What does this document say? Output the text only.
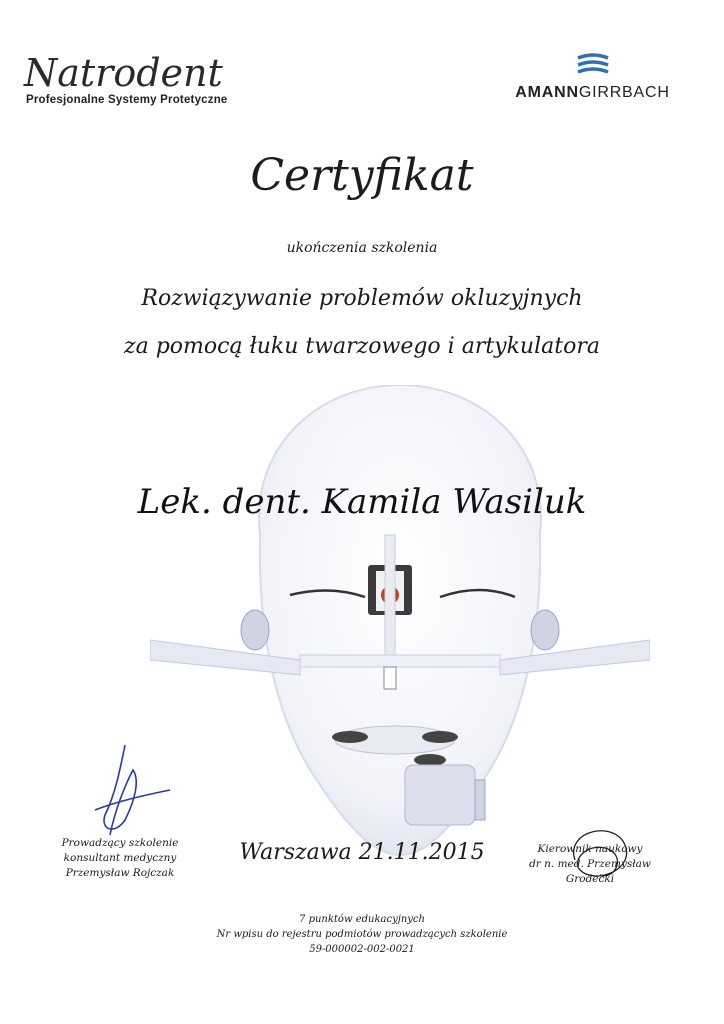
Natrodent
Profesjonalne Systemy Protetyczne	AMANNGIRRBACH
Certyfikat
ukończenia szkolenia
Rozwiązywanie problemów okluzyjnych
za pomocą łuku twarzowego i artykulatora
Lek. dent. Kamila Wasiluk
Prowadzący szkolenie
konsultant medyczny
Przemysław Rojczak
Warszawa 21.11.2015	Kierownik naukowy
dr n. med. Przemysław Grodecki
7 punktów edukacyjnych
Nr wpisu do rejestru podmiotów prowadzących szkolenie
59-000002-002-0021
